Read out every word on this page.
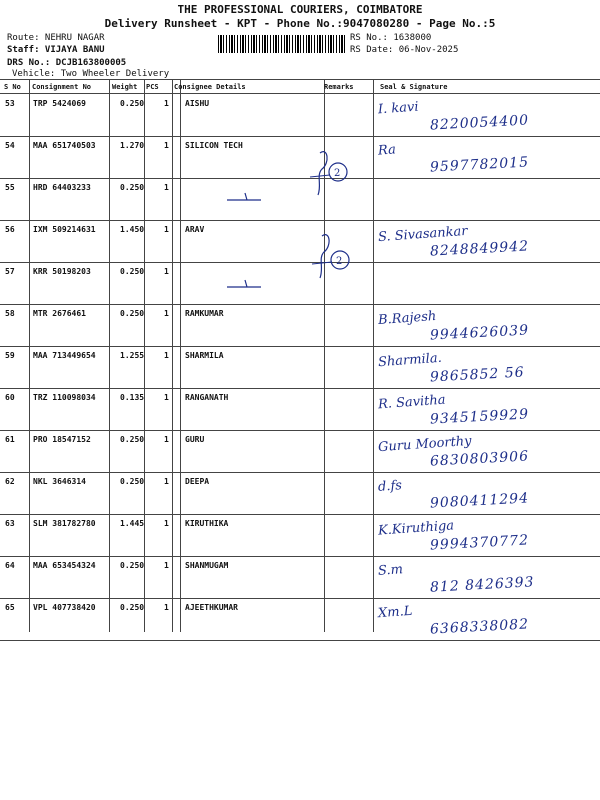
THE PROFESSIONAL COURIERS, COIMBATORE
Delivery Runsheet - KPT - Phone No.:9047080280 - Page No.:5
Route: NEHRU NAGAR
Staff: VIJAYA BANU
DRS No.: DCJB163800005
Vehicle: Two Wheeler Delivery
RS No.: 1638000
RS Date: 06-Nov-2025
S No Consignment No	Weight PCS Consignee Details	Remarks	Seal & Signature
53 TRP 5424069	0.250 1 AISHU	I. kavi
8220054400
54 MAA 651740503	1.270 1 SILICON TECH	Ra
9597782015
55 HRD 64403233	0.250 1
56 IXM 509214631	1.450 1 ARAV	S. Sivasankar
8248849942
57 KRR 50198203	0.250 1
58 MTR 2676461	0.250 1 RAMKUMAR	B.Rajesh
9944626039
59 MAA 713449654	1.255 1 SHARMILA	Sharmila.
9865852 56
60 TRZ 110098034	0.135 1 RANGANATH	R. Savitha
9345159929
61 PRO 18547152	0.250 1 GURU	Guru Moorthy
6830803906
62 NKL 3646314	0.250 1 DEEPA	d.fs
9080411294
63 SLM 381782780	1.445 1 KIRUTHIKA	K.Kiruthiga
9994370772
64 MAA 653454324	0.250 1 SHANMUGAM	S.m
812 8426393
65 VPL 407738420	0.250 1 AJEETHKUMAR	Xm.L
6368338082
2
2
